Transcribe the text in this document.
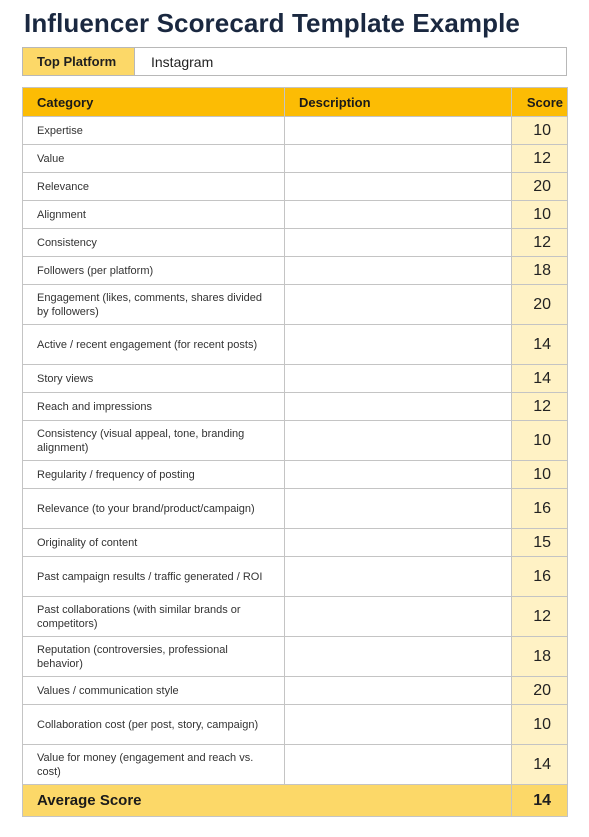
Influencer Scorecard Template Example
Top Platform	Instagram
Category	Description	Score
Expertise		10
Value		12
Relevance		20
Alignment		10
Consistency		12
Followers (per platform)		18
Engagement (likes, comments, shares divided by followers)		20
Active / recent engagement (for recent posts)		14
Story views		14
Reach and impressions		12
Consistency (visual appeal, tone, branding alignment)		10
Regularity / frequency of posting		10
Relevance (to your brand/product/campaign)		16
Originality of content		15
Past campaign results / traffic generated / ROI		16
Past collaborations (with similar brands or competitors)		12
Reputation (controversies, professional behavior)		18
Values / communication style		20
Collaboration cost (per post, story, campaign)		10
Value for money (engagement and reach vs. cost)		14
Average Score		14
